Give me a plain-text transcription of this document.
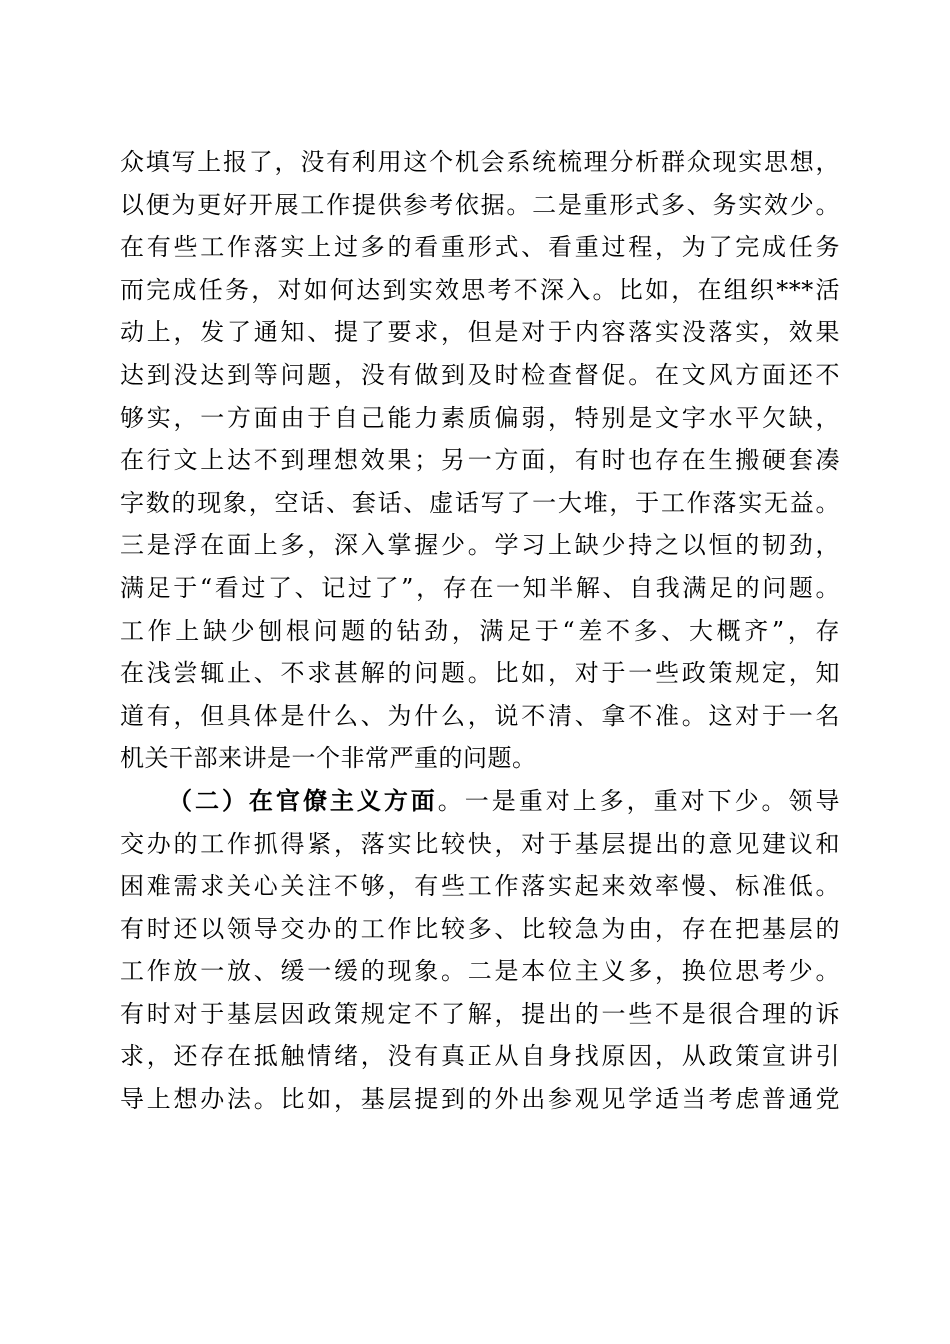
众填写上报了，没有利用这个机会系统梳理分析群众现实思想，
以便为更好开展工作提供参考依据。二是重形式多、务实效少。
在有些工作落实上过多的看重形式、看重过程，为了完成任务
而完成任务，对如何达到实效思考不深入。比如，在组织***活
动上，发了通知、提了要求，但是对于内容落实没落实，效果
达到没达到等问题，没有做到及时检查督促。在文风方面还不
够实，一方面由于自己能力素质偏弱，特别是文字水平欠缺，
在行文上达不到理想效果；另一方面，有时也存在生搬硬套凑
字数的现象，空话、套话、虚话写了一大堆，于工作落实无益。
三是浮在面上多，深入掌握少。学习上缺少持之以恒的韧劲，
满足于“看过了、记过了”，存在一知半解、自我满足的问题。
工作上缺少刨根问题的钻劲，满足于“差不多、大概齐”，存
在浅尝辄止、不求甚解的问题。比如，对于一些政策规定，知
道有，但具体是什么、为什么，说不清、拿不准。这对于一名
机关干部来讲是一个非常严重的问题。
（二）在官僚主义方面。一是重对上多，重对下少。领导
交办的工作抓得紧，落实比较快，对于基层提出的意见建议和
困难需求关心关注不够，有些工作落实起来效率慢、标准低。
有时还以领导交办的工作比较多、比较急为由，存在把基层的
工作放一放、缓一缓的现象。二是本位主义多，换位思考少。
有时对于基层因政策规定不了解，提出的一些不是很合理的诉
求，还存在抵触情绪，没有真正从自身找原因，从政策宣讲引
导上想办法。比如，基层提到的外出参观见学适当考虑普通党
